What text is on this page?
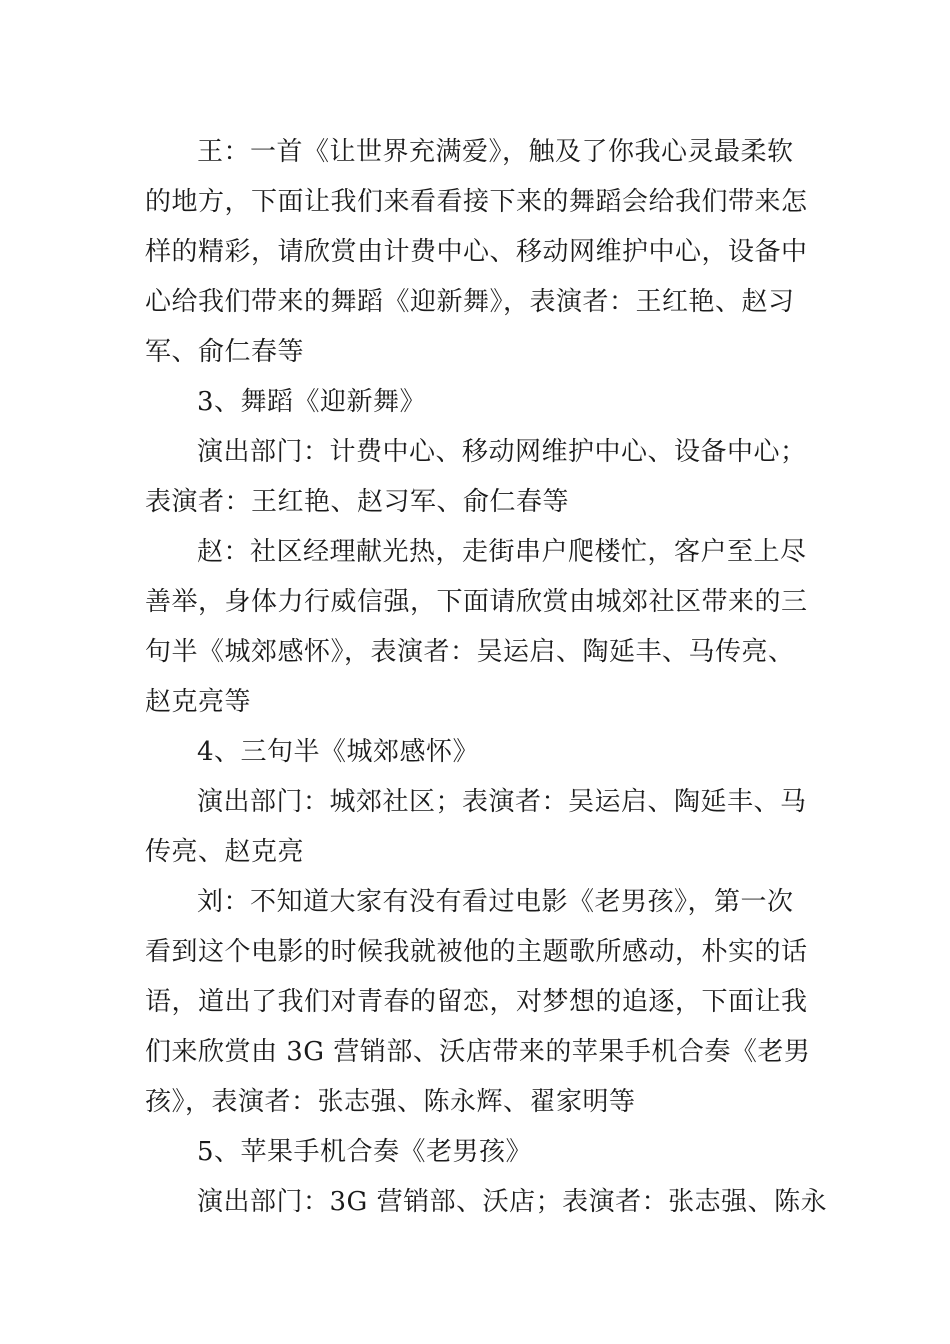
王：一首《让世界充满爱》，触及了你我心灵最柔软
的地方，下面让我们来看看接下来的舞蹈会给我们带来怎
样的精彩，请欣赏由计费中心、移动网维护中心，设备中
心给我们带来的舞蹈《迎新舞》，表演者：王红艳、赵习
军、俞仁春等
3、舞蹈《迎新舞》
演出部门：计费中心、移动网维护中心、设备中心；
表演者：王红艳、赵习军、俞仁春等
赵：社区经理献光热，走街串户爬楼忙，客户至上尽
善举，身体力行威信强，下面请欣赏由城郊社区带来的三
句半《城郊感怀》，表演者：吴运启、陶延丰、马传亮、
赵克亮等
4、三句半《城郊感怀》
演出部门：城郊社区；表演者：吴运启、陶延丰、马
传亮、赵克亮
刘：不知道大家有没有看过电影《老男孩》，第一次
看到这个电影的时候我就被他的主题歌所感动，朴实的话
语，道出了我们对青春的留恋，对梦想的追逐，下面让我
们来欣赏由 3G 营销部、沃店带来的苹果手机合奏《老男
孩》，表演者：张志强、陈永辉、翟家明等
5、苹果手机合奏《老男孩》
演出部门：3G 营销部、沃店；表演者：张志强、陈永
